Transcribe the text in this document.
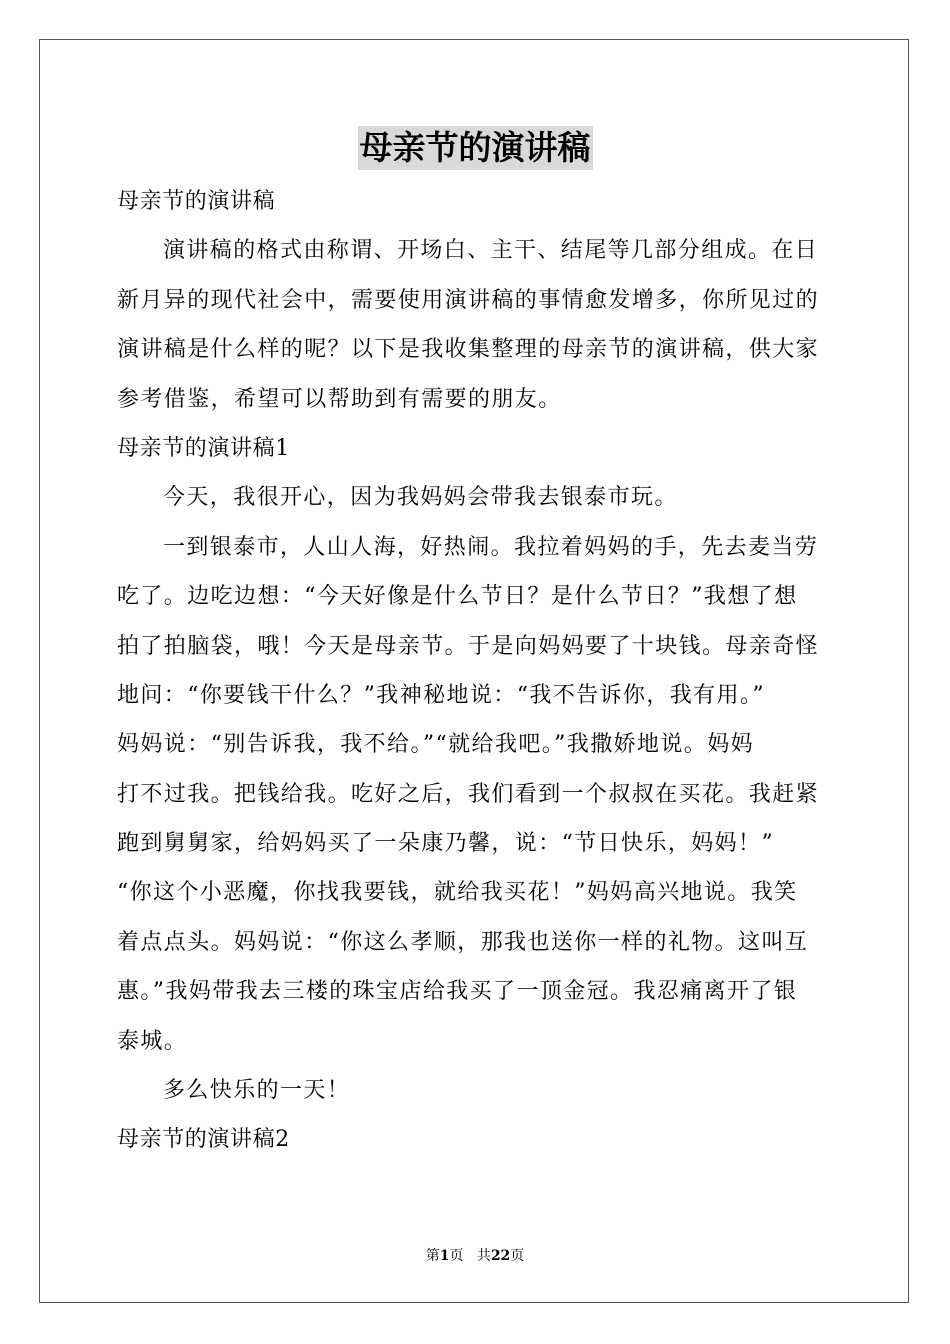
母亲节的演讲稿
母亲节的演讲稿
演讲稿的格式由称谓、开场白、主干、结尾等几部分组成。在日
新月异的现代社会中，需要使用演讲稿的事情愈发增多，你所见过的
演讲稿是什么样的呢？以下是我收集整理的母亲节的演讲稿，供大家
参考借鉴，希望可以帮助到有需要的朋友。
母亲节的演讲稿1
今天，我很开心，因为我妈妈会带我去银泰市玩。
一到银泰市，人山人海，好热闹。我拉着妈妈的手，先去麦当劳
吃了。边吃边想：“今天好像是什么节日？是什么节日？”我想了想
拍了拍脑袋，哦！今天是母亲节。于是向妈妈要了十块钱。母亲奇怪
地问：“你要钱干什么？”我神秘地说：“我不告诉你，我有用。”
妈妈说：“别告诉我，我不给。”“就给我吧。”我撒娇地说。妈妈
打不过我。把钱给我。吃好之后，我们看到一个叔叔在买花。我赶紧
跑到舅舅家，给妈妈买了一朵康乃馨，说：“节日快乐，妈妈！”
“你这个小恶魔，你找我要钱，就给我买花！”妈妈高兴地说。我笑
着点点头。妈妈说：“你这么孝顺，那我也送你一样的礼物。这叫互
惠。”我妈带我去三楼的珠宝店给我买了一顶金冠。我忍痛离开了银
泰城。
多么快乐的一天！
母亲节的演讲稿2
第1页 共22页
